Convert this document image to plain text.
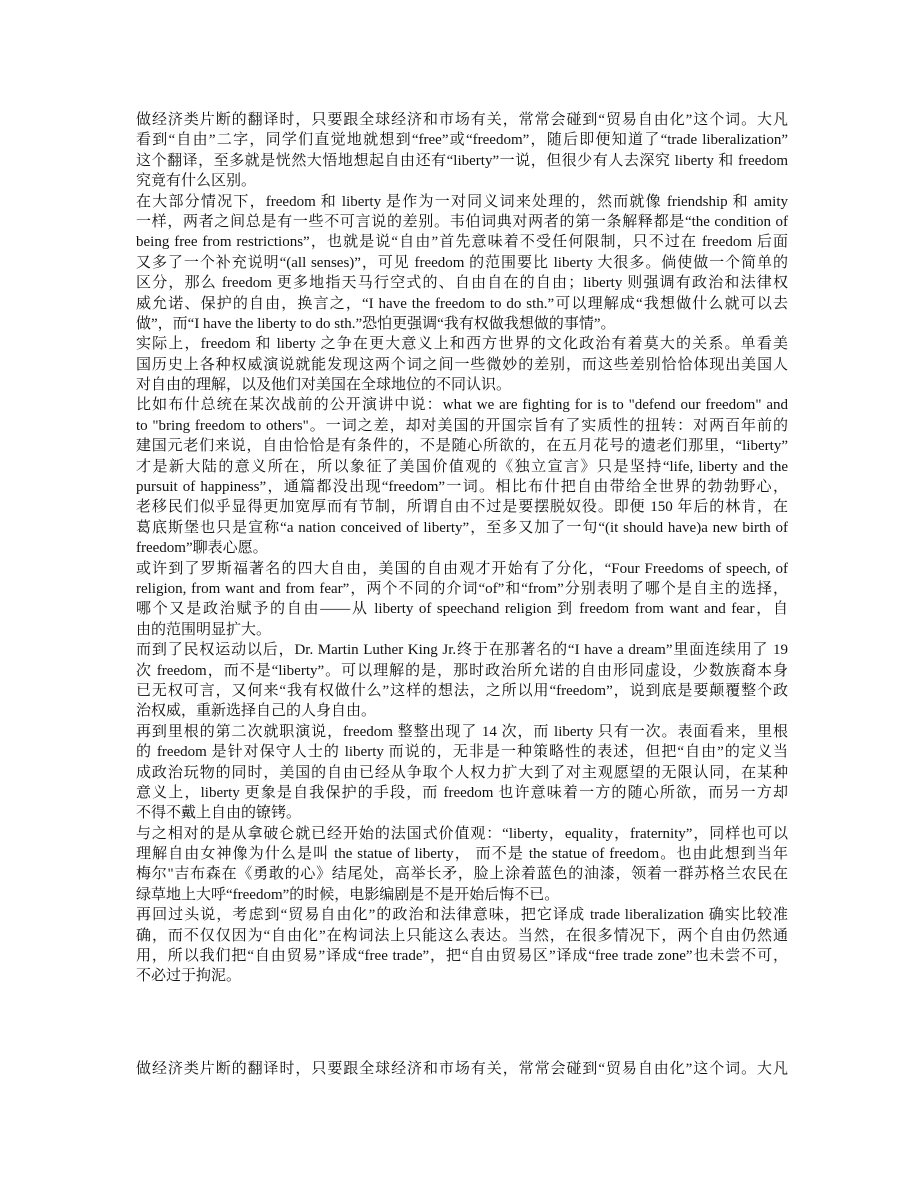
做经济类片断的翻译时，只要跟全球经济和市场有关，常常会碰到“贸易自由化”这个词。大凡
看到“自由”二字，同学们直觉地就想到“free”或“freedom”，随后即便知道了“trade liberalization”
这个翻译，至多就是恍然大悟地想起自由还有“liberty”一说，但很少有人去深究 liberty 和 freedom
究竟有什么区别。
在大部分情况下，freedom 和 liberty 是作为一对同义词来处理的，然而就像 friendship 和 amity
一样，两者之间总是有一些不可言说的差别。韦伯词典对两者的第一条解释都是“the condition of
being free from restrictions”，也就是说“自由”首先意味着不受任何限制，只不过在 freedom 后面
又多了一个补充说明“(all senses)”，可见 freedom 的范围要比 liberty 大很多。倘使做一个简单的
区分，那么 freedom 更多地指天马行空式的、自由自在的自由；liberty 则强调有政治和法律权
威允诺、保护的自由，换言之，“I have the freedom to do sth.”可以理解成“我想做什么就可以去
做”，而“I have the liberty to do sth.”恐怕更强调“我有权做我想做的事情”。
实际上，freedom 和 liberty 之争在更大意义上和西方世界的文化政治有着莫大的关系。单看美
国历史上各种权威演说就能发现这两个词之间一些微妙的差别，而这些差别恰恰体现出美国人
对自由的理解，以及他们对美国在全球地位的不同认识。
比如布什总统在某次战前的公开演讲中说：what we are fighting for is to "defend our freedom" and
to "bring freedom to others"。一词之差，却对美国的开国宗旨有了实质性的扭转：对两百年前的
建国元老们来说，自由恰恰是有条件的，不是随心所欲的，在五月花号的遗老们那里，“liberty”
才是新大陆的意义所在，所以象征了美国价值观的《独立宣言》只是坚持“life, liberty and the
pursuit of happiness”，通篇都没出现“freedom”一词。相比布什把自由带给全世界的勃勃野心，
老移民们似乎显得更加宽厚而有节制，所谓自由不过是要摆脱奴役。即便 150 年后的林肯，在
葛底斯堡也只是宣称“a nation conceived of liberty”，至多又加了一句“(it should have)a new birth of
freedom”聊表心愿。
或许到了罗斯福著名的四大自由，美国的自由观才开始有了分化，“Four Freedoms of speech, of
religion, from want and from fear”，两个不同的介词“of”和“from”分别表明了哪个是自主的选择，
哪个又是政治赋予的自由——从 liberty of speechand religion 到 freedom from want and fear，自
由的范围明显扩大。
而到了民权运动以后，Dr. Martin Luther King Jr.终于在那著名的“I have a dream”里面连续用了 19
次 freedom，而不是“liberty”。可以理解的是，那时政治所允诺的自由形同虚设，少数族裔本身
已无权可言，又何来“我有权做什么”这样的想法，之所以用“freedom”，说到底是要颠覆整个政
治权威，重新选择自己的人身自由。
再到里根的第二次就职演说，freedom 整整出现了 14 次，而 liberty 只有一次。表面看来，里根
的 freedom 是针对保守人士的 liberty 而说的，无非是一种策略性的表述，但把“自由”的定义当
成政治玩物的同时，美国的自由已经从争取个人权力扩大到了对主观愿望的无限认同，在某种
意义上，liberty 更象是自我保护的手段，而 freedom 也许意味着一方的随心所欲，而另一方却
不得不戴上自由的镣铐。
与之相对的是从拿破仑就已经开始的法国式价值观：“liberty，equality，fraternity”，同样也可以
理解自由女神像为什么是叫 the statue of liberty， 而不是 the statue of freedom。也由此想到当年
梅尔"吉布森在《勇敢的心》结尾处，高举长矛，脸上涂着蓝色的油漆，领着一群苏格兰农民在
绿草地上大呼“freedom”的时候，电影编剧是不是开始后悔不已。
再回过头说，考虑到“贸易自由化”的政治和法律意味，把它译成 trade liberalization 确实比较准
确，而不仅仅因为“自由化”在构词法上只能这么表达。当然，在很多情况下，两个自由仍然通
用，所以我们把“自由贸易”译成“free trade”，把“自由贸易区”译成“free trade zone”也未尝不可，
不必过于拘泥。
做经济类片断的翻译时，只要跟全球经济和市场有关，常常会碰到“贸易自由化”这个词。大凡
